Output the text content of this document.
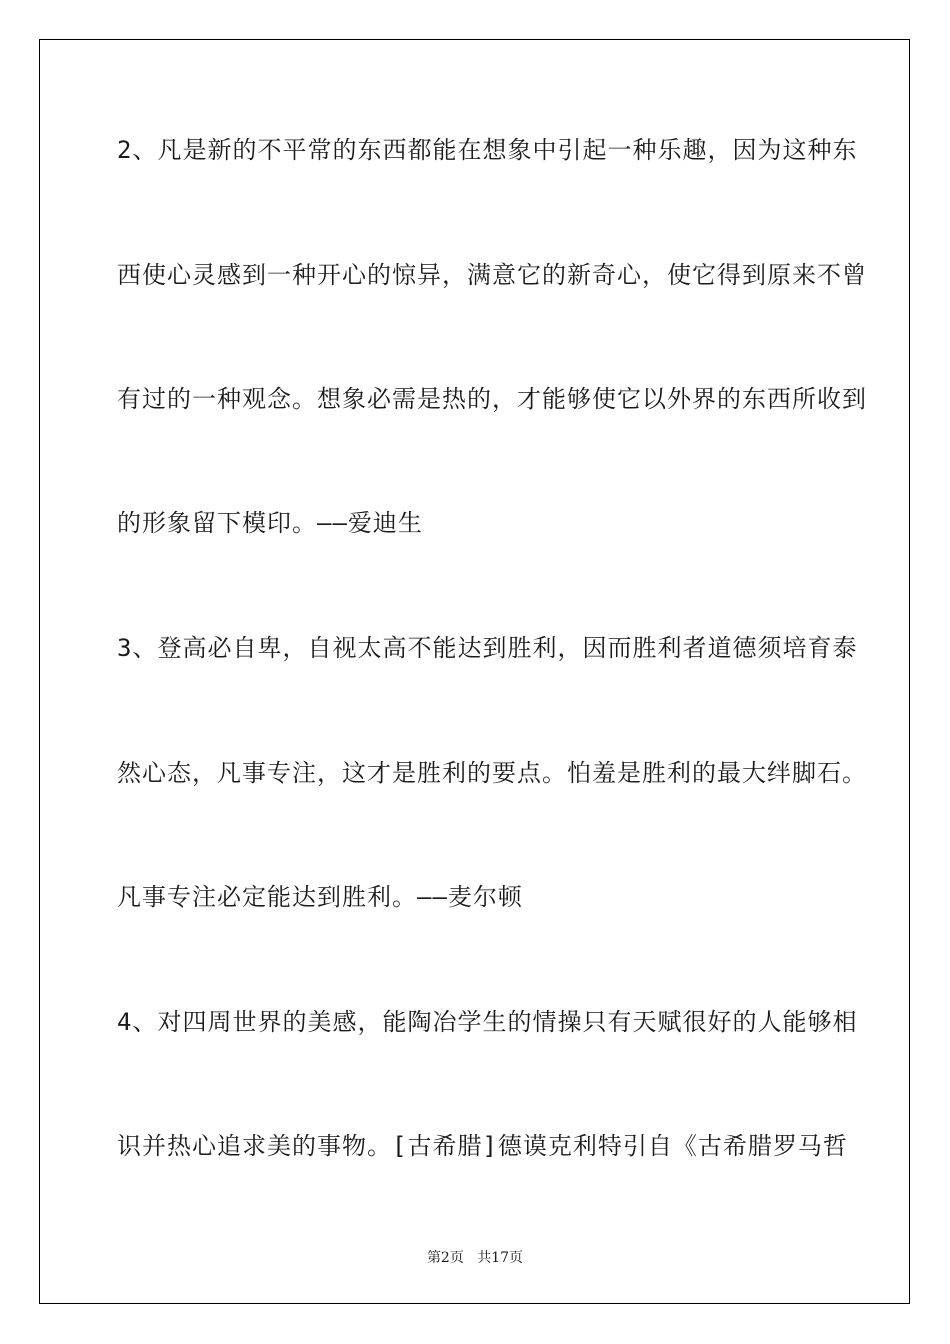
2、凡是新的不平常的东西都能在想象中引起一种乐趣，因为这种东
西使心灵感到一种开心的惊异，满意它的新奇心，使它得到原来不曾
有过的一种观念。想象必需是热的，才能够使它以外界的东西所收到
的形象留下模印。——爱迪生
3、登高必自卑，自视太高不能达到胜利，因而胜利者道德须培育泰
然心态，凡事专注，这才是胜利的要点。怕羞是胜利的最大绊脚石。
凡事专注必定能达到胜利。——麦尔顿
4、对四周世界的美感，能陶冶学生的情操只有天赋很好的人能够相
识并热心追求美的事物。[古希腊]德谟克利特引自《古希腊罗马哲
第2页 共17页
